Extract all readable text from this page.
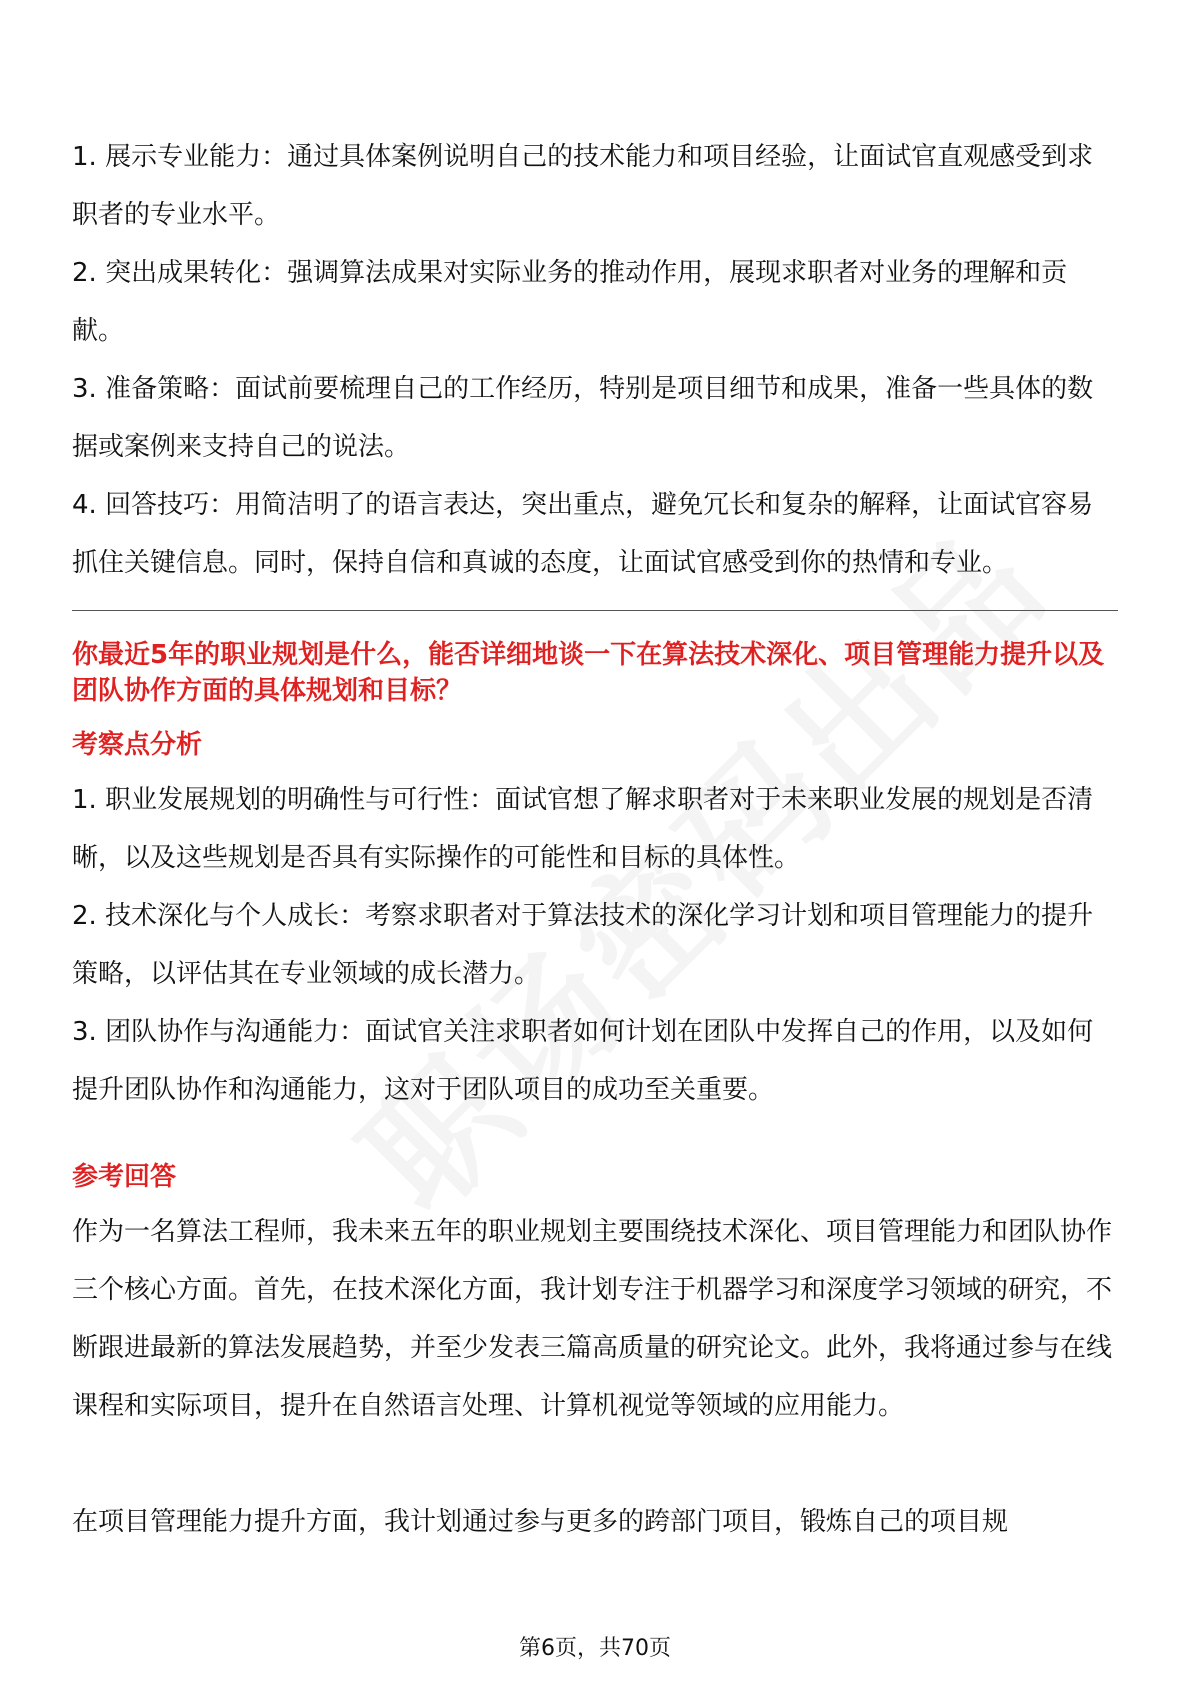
1. 展示专业能力：通过具体案例说明自己的技术能力和项目经验，让面试官直观感受到求职者的专业水平。

2. 突出成果转化：强调算法成果对实际业务的推动作用，展现求职者对业务的理解和贡献。

3. 准备策略：面试前要梳理自己的工作经历，特别是项目细节和成果，准备一些具体的数据或案例来支持自己的说法。

4. 回答技巧：用简洁明了的语言表达，突出重点，避免冗长和复杂的解释，让面试官容易抓住关键信息。同时，保持自信和真诚的态度，让面试官感受到你的热情和专业。

你最近5年的职业规划是什么，能否详细地谈一下在算法技术深化、项目管理能力提升以及团队协作方面的具体规划和目标？

考察点分析

1. 职业发展规划的明确性与可行性：面试官想了解求职者对于未来职业发展的规划是否清晰，以及这些规划是否具有实际操作的可能性和目标的具体性。

2. 技术深化与个人成长：考察求职者对于算法技术的深化学习计划和项目管理能力的提升策略，以评估其在专业领域的成长潜力。

3. 团队协作与沟通能力：面试官关注求职者如何计划在团队中发挥自己的作用，以及如何提升团队协作和沟通能力，这对于团队项目的成功至关重要。

参考回答

作为一名算法工程师，我未来五年的职业规划主要围绕技术深化、项目管理能力和团队协作三个核心方面。首先，在技术深化方面，我计划专注于机器学习和深度学习领域的研究，不断跟进最新的算法发展趋势，并至少发表三篇高质量的研究论文。此外，我将通过参与在线课程和实际项目，提升在自然语言处理、计算机视觉等领域的应用能力。

在项目管理能力提升方面，我计划通过参与更多的跨部门项目，锻炼自己的项目规

第6页，共70页
